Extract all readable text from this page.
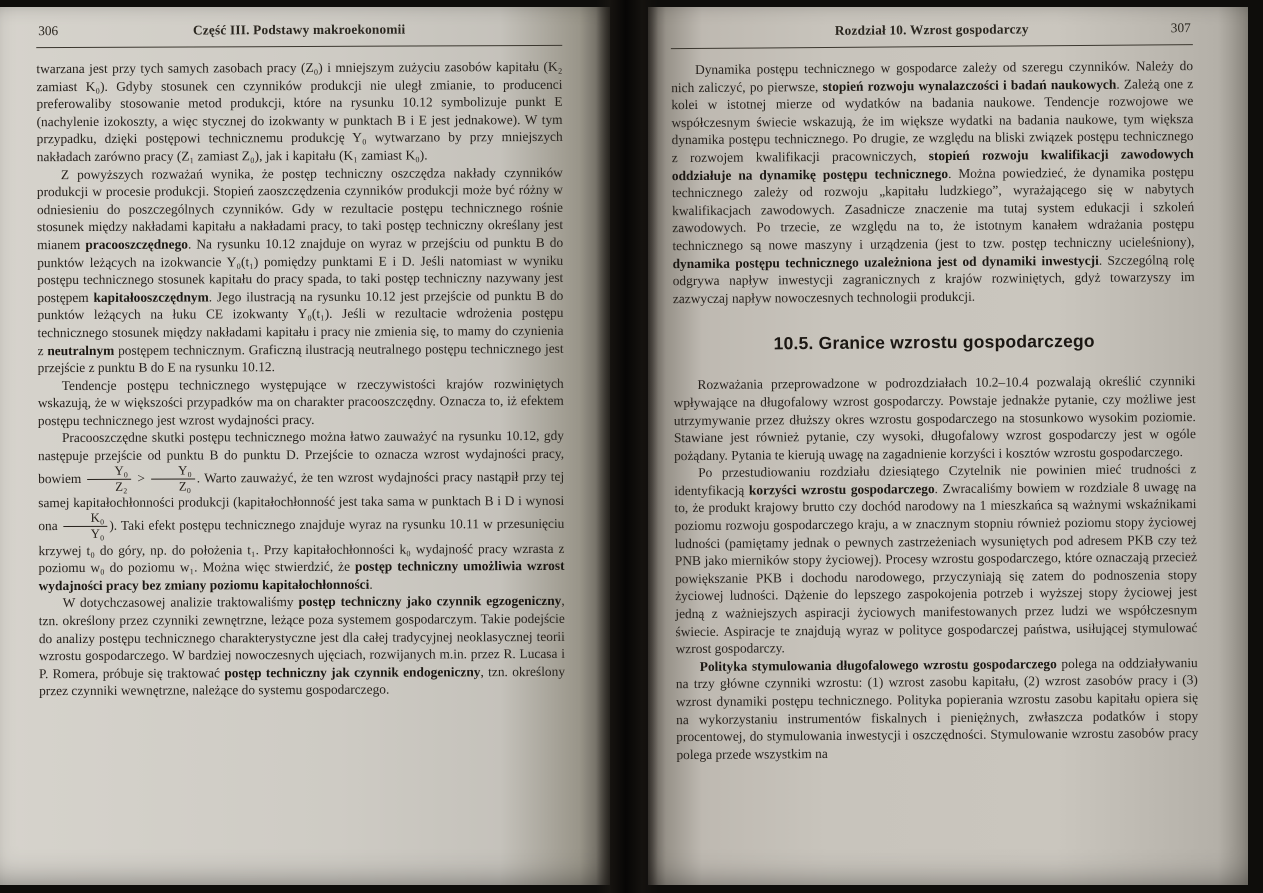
306	Część III. Podstawy makroekonomii

twarzana jest przy tych samych zasobach pracy (Z₀) i mniejszym zużyciu zasobów kapitału (K₂ zamiast K₀). Gdyby stosunek cen czynników produkcji nie uległ zmianie, to producenci preferowaliby stosowanie metod produkcji, które na rysunku 10.12 symbolizuje punkt E (nachylenie izokoszty, a więc stycznej do izokwanty w punktach B i E jest jednakowe). W tym przypadku, dzięki postępowi technicznemu produkcję Y₀ wytwarzano by przy mniejszych nakładach zarówno pracy (Z₁ zamiast Z₀), jak i kapitału (K₁ zamiast K₀).

Z powyższych rozważań wynika, że postęp techniczny oszczędza nakłady czynników produkcji w procesie produkcji. Stopień zaoszczędzenia czynników produkcji może być różny w odniesieniu do poszczególnych czynników. Gdy w rezultacie postępu technicznego rośnie stosunek między nakładami kapitału a nakładami pracy, to taki postęp techniczny określany jest mianem pracooszczędnego. Na rysunku 10.12 znajduje on wyraz w przejściu od punktu B do punktów leżących na izokwancie Y₀(t₁) pomiędzy punktami E i D. Jeśli natomiast w wyniku postępu technicznego stosunek kapitału do pracy spada, to taki postęp techniczny nazywany jest postępem kapitałooszczędnym. Jego ilustracją na rysunku 10.12 jest przejście od punktu B do punktów leżących na łuku CE izokwanty Y₀(t₁). Jeśli w rezultacie wdrożenia postępu technicznego stosunek między nakładami kapitału i pracy nie zmienia się, to mamy do czynienia z neutralnym postępem technicznym. Graficzną ilustracją neutralnego postępu technicznego jest przejście z punktu B do E na rysunku 10.12.

Tendencje postępu technicznego występujące w rzeczywistości krajów rozwiniętych wskazują, że w większości przypadków ma on charakter pracooszczędny. Oznacza to, iż efektem postępu technicznego jest wzrost wydajności pracy.

Pracooszczędne skutki postępu technicznego można łatwo zauważyć na rysunku 10.12, gdy następuje przejście od punktu B do punktu D. Przejście to oznacza wzrost wydajności pracy, bowiem $\frac{\text{Y₀}}{\text{Z₂}} > \frac{\text{Y₀}}{\text{Z₀}}$ . Warto zauważyć, że ten wzrost wydajności pracy nastąpił przy tej samej kapitałochłonności produkcji (kapitałochłonność jest taka sama w punktach B i D i wynosi ona $\frac{\text{K₀}}{\text{Y₀}}$ ). Taki efekt postępu technicznego znajduje wyraz na rysunku 10.11 w przesunięciu krzywej t₀ do góry, np. do położenia t₁. Przy kapitałochłonności k₀ wydajność pracy wzrasta z poziomu w₀ do poziomu w₁. Można więc stwierdzić, że postęp techniczny umożliwia wzrost wydajności pracy bez zmiany poziomu kapitałochłonności.

W dotychczasowej analizie traktowaliśmy postęp techniczny jako czynnik egzogeniczny, tzn. określony przez czynniki zewnętrzne, leżące poza systemem gospodarczym. Takie podejście do analizy postępu technicznego charakterystyczne jest dla całej tradycyjnej neoklasycznej teorii wzrostu gospodarczego. W bardziej nowoczesnych ujęciach, rozwijanych m.in. przez R. Lucasa i P. Romera, próbuje się traktować postęp techniczny jak czynnik endogeniczny, tzn. określony przez czynniki wewnętrzne, należące do systemu gospodarczego.

Rozdział 10. Wzrost gospodarczy	307

Dynamika postępu technicznego w gospodarce zależy od szeregu czynników. Należy do nich zaliczyć, po pierwsze, stopień rozwoju wynalazczości i badań naukowych. Zależą one z kolei w istotnej mierze od wydatków na badania naukowe. Tendencje rozwojowe we współczesnym świecie wskazują, że im większe wydatki na badania naukowe, tym większa dynamika postępu technicznego. Po drugie, ze względu na bliski związek postępu technicznego z rozwojem kwalifikacji pracowniczych, stopień rozwoju kwalifikacji zawodowych oddziałuje na dynamikę postępu technicznego. Można powiedzieć, że dynamika postępu technicznego zależy od rozwoju „kapitału ludzkiego”, wyrażającego się w nabytych kwalifikacjach zawodowych. Zasadnicze znaczenie ma tutaj system edukacji i szkoleń zawodowych. Po trzecie, ze względu na to, że istotnym kanałem wdrażania postępu technicznego są nowe maszyny i urządzenia (jest to tzw. postęp techniczny ucieleśniony), dynamika postępu technicznego uzależniona jest od dynamiki inwestycji. Szczególną rolę odgrywa napływ inwestycji zagranicznych z krajów rozwiniętych, gdyż towarzyszy im zazwyczaj napływ nowoczesnych technologii produkcji.

10.5. Granice wzrostu gospodarczego

Rozważania przeprowadzone w podrozdziałach 10.2–10.4 pozwalają określić czynniki wpływające na długofalowy wzrost gospodarczy. Powstaje jednakże pytanie, czy możliwe jest utrzymywanie przez dłuższy okres wzrostu gospodarczego na stosunkowo wysokim poziomie. Stawiane jest również pytanie, czy wysoki, długofalowy wzrost gospodarczy jest w ogóle pożądany. Pytania te kierują uwagę na zagadnienie korzyści i kosztów wzrostu gospodarczego.

Po przestudiowaniu rozdziału dziesiątego Czytelnik nie powinien mieć trudności z identyfikacją korzyści wzrostu gospodarczego. Zwracaliśmy bowiem w rozdziale 8 uwagę na to, że produkt krajowy brutto czy dochód narodowy na 1 mieszkańca są ważnymi wskaźnikami poziomu rozwoju gospodarczego kraju, a w znacznym stopniu również poziomu stopy życiowej ludności (pamiętamy jednak o pewnych zastrzeżeniach wysuniętych pod adresem PKB czy też PNB jako mierników stopy życiowej). Procesy wzrostu gospodarczego, które oznaczają przecież powiększanie PKB i dochodu narodowego, przyczyniają się zatem do podnoszenia stopy życiowej ludności. Dążenie do lepszego zaspokojenia potrzeb i wyższej stopy życiowej jest jedną z ważniejszych aspiracji życiowych manifestowanych przez ludzi we współczesnym świecie. Aspiracje te znajdują wyraz w polityce gospodarczej państwa, usiłującej stymulować wzrost gospodarczy.

Polityka stymulowania długofalowego wzrostu gospodarczego polega na oddziaływaniu na trzy główne czynniki wzrostu: (1) wzrost zasobu kapitału, (2) wzrost zasobów pracy i (3) wzrost dynamiki postępu technicznego. Polityka popierania wzrostu zasobu kapitału opiera się na wykorzystaniu instrumentów fiskalnych i pieniężnych, zwłaszcza podatków i stopy procentowej, do stymulowania inwestycji i oszczędności. Stymulowanie wzrostu zasobów pracy polega przede wszystkim na
